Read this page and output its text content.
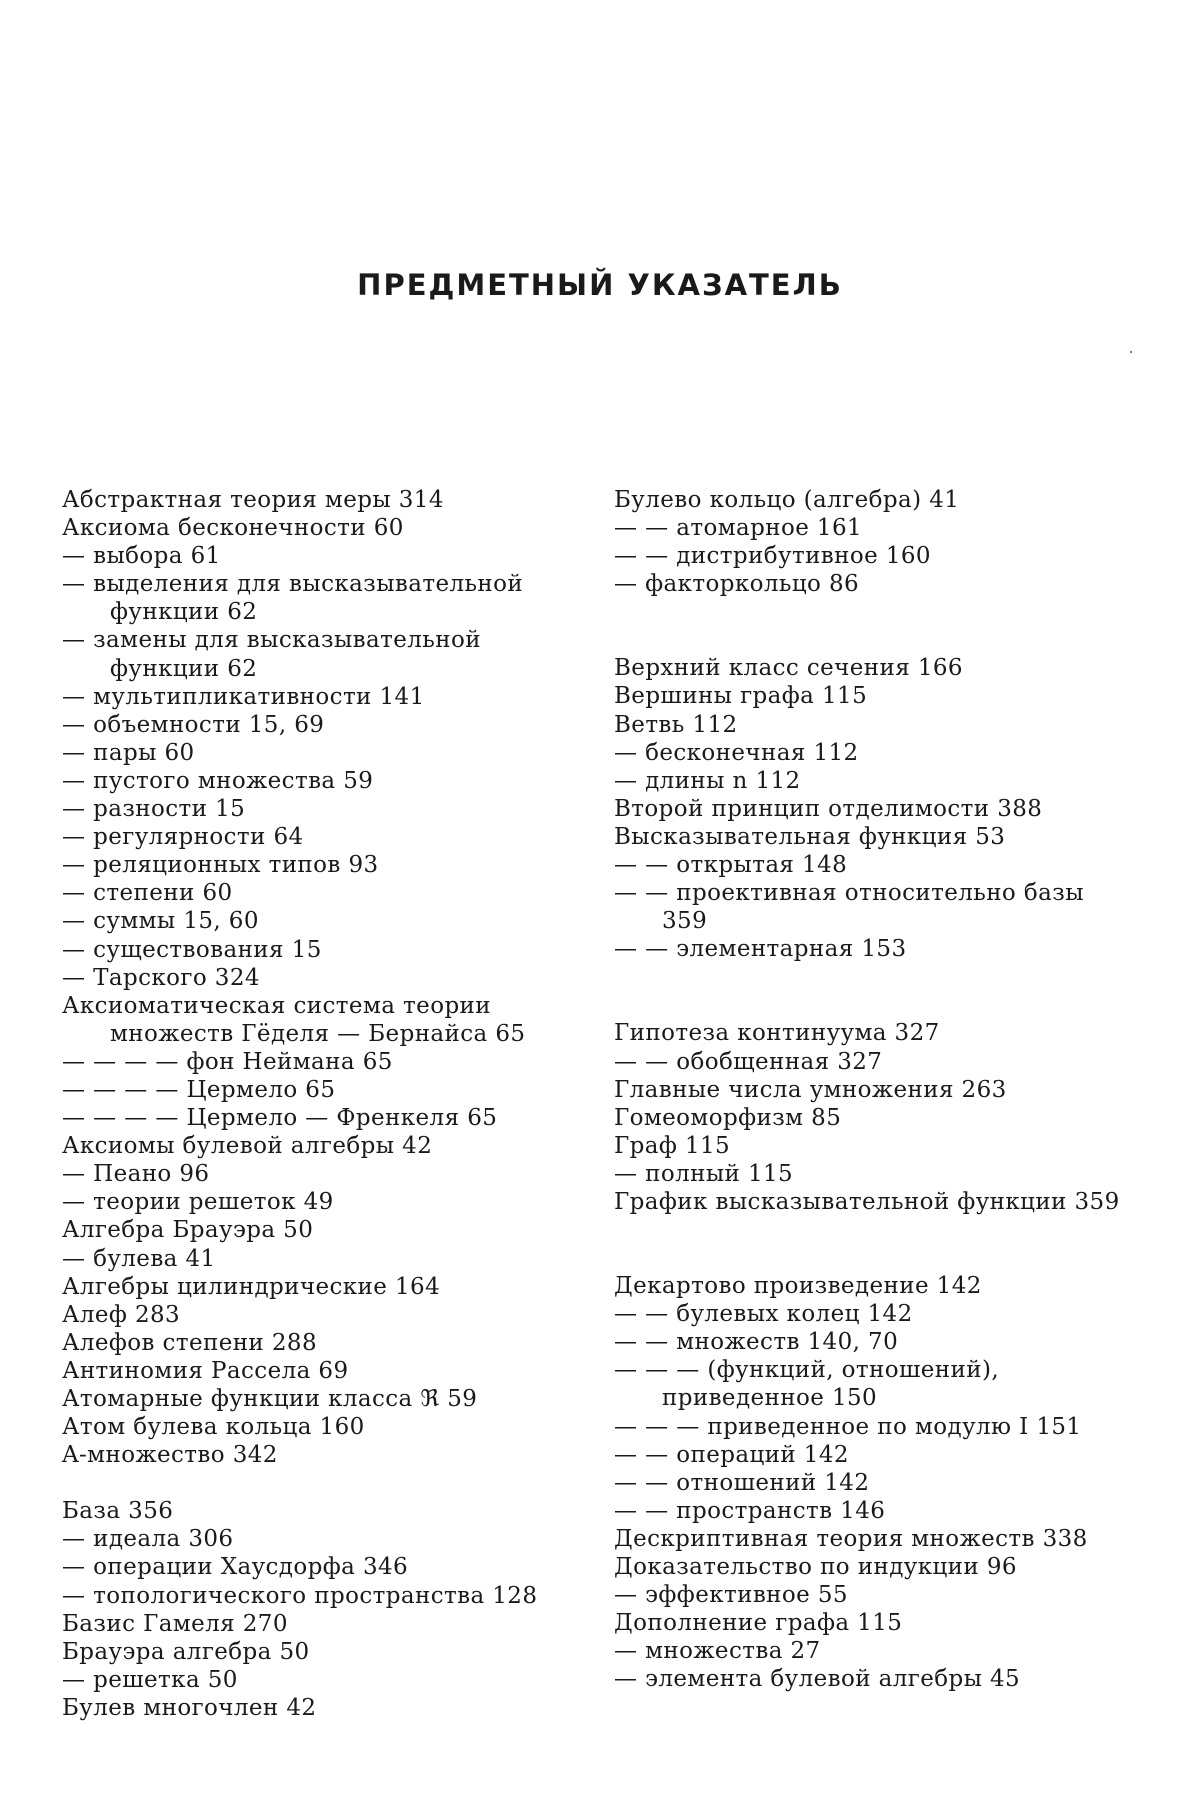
ПРЕДМЕТНЫЙ УКАЗАТЕЛЬ
Абстрактная теория меры 314
Аксиома бесконечности 60
— выбора 61
— выделения для высказывательной функции 62
— замены для высказывательной функции 62
— мультипликативности 141
— объемности 15, 69
— пары 60
— пустого множества 59
— разности 15
— регулярности 64
— реляционных типов 93
— степени 60
— суммы 15, 60
— существования 15
— Тарского 324
Аксиоматическая система теории множеств Гёделя — Бернайса 65
— — — — фон Неймана 65
— — — — Цермело 65
— — — — Цермело — Френкеля 65
Аксиомы булевой алгебры 42
— Пеано 96
— теории решеток 49
Алгебра Брауэра 50
— булева 41
Алгебры цилиндрические 164
Алеф 283
Алефов степени 288
Антиномия Рассела 69
Атомарные функции класса ℜ 59
Атом булева кольца 160
A-множество 342
База 356
— идеала 306
— операции Хаусдорфа 346
— топологического пространства 128
Базис Гамеля 270
Брауэра алгебра 50
— решетка 50
Булев многочлен 42
Булево кольцо (алгебра) 41
— — атомарное 161
— — дистрибутивное 160
— факторкольцо 86
Верхний класс сечения 166
Вершины графа 115
Ветвь 112
— бесконечная 112
— длины n 112
Второй принцип отделимости 388
Высказывательная функция 53
— — открытая 148
— — проективная относительно базы 359
— — элементарная 153
Гипотеза континуума 327
— — обобщенная 327
Главные числа умножения 263
Гомеоморфизм 85
Граф 115
— полный 115
График высказывательной функции 359
Декартово произведение 142
— — булевых колец 142
— — множеств 140, 70
— — — (функций, отношений), приведенное 150
— — — приведенное по модулю I 151
— — операций 142
— — отношений 142
— — пространств 146
Дескриптивная теория множеств 338
Доказательство по индукции 96
— эффективное 55
Дополнение графа 115
— множества 27
— элемента булевой алгебры 45
